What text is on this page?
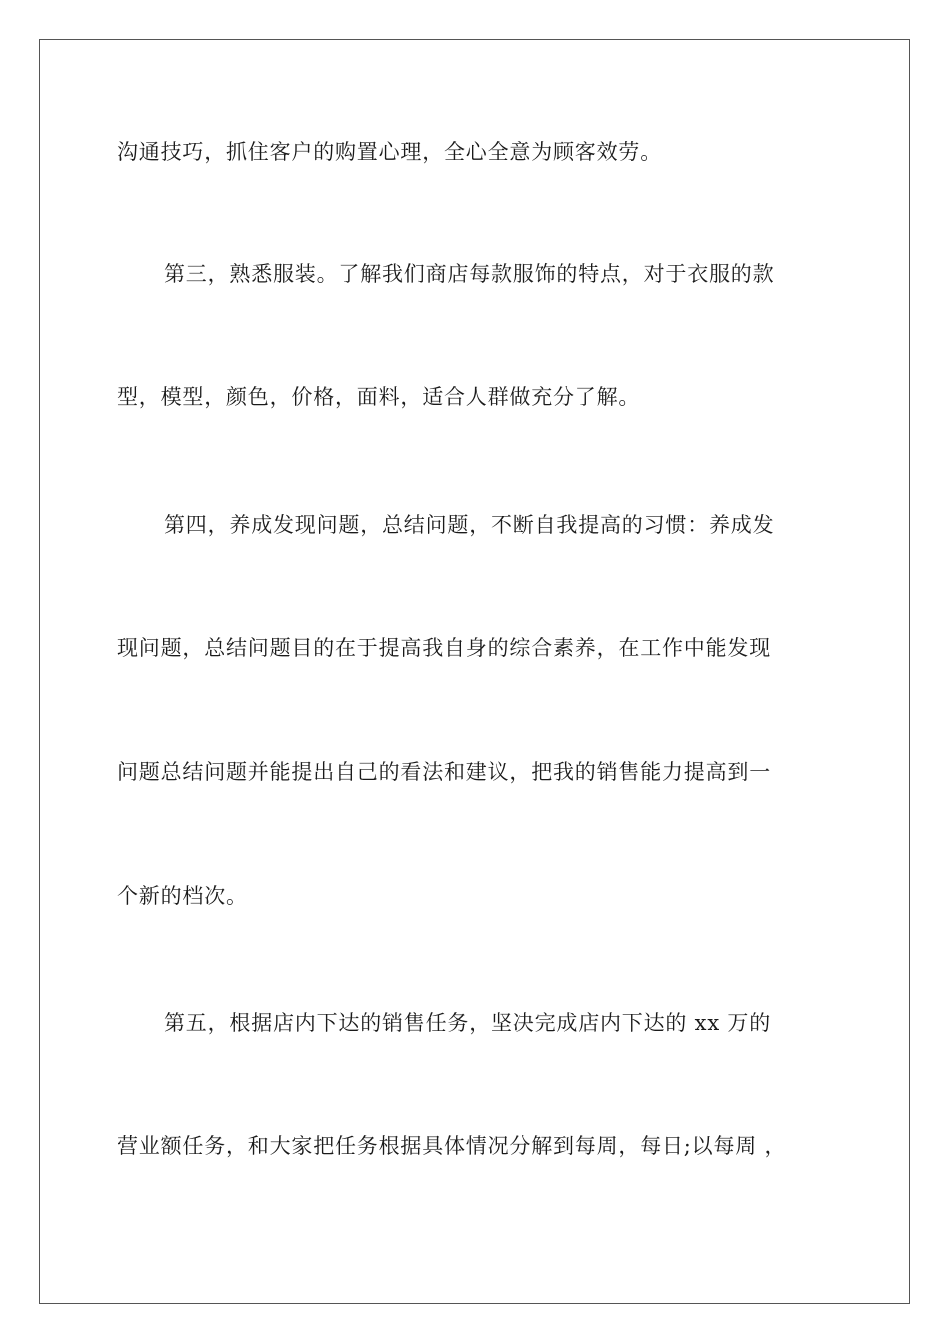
沟通技巧，抓住客户的购置心理，全心全意为顾客效劳。
第三，熟悉服装。了解我们商店每款服饰的特点，对于衣服的款
型，模型，颜色，价格，面料，适合人群做充分了解。
第四，养成发现问题，总结问题，不断自我提高的习惯：养成发
现问题，总结问题目的在于提高我自身的综合素养，在工作中能发现
问题总结问题并能提出自己的看法和建议，把我的销售能力提高到一
个新的档次。
第五，根据店内下达的销售任务，坚决完成店内下达的 xx 万的
营业额任务，和大家把任务根据具体情况分解到每周，每日;以每周 ，
